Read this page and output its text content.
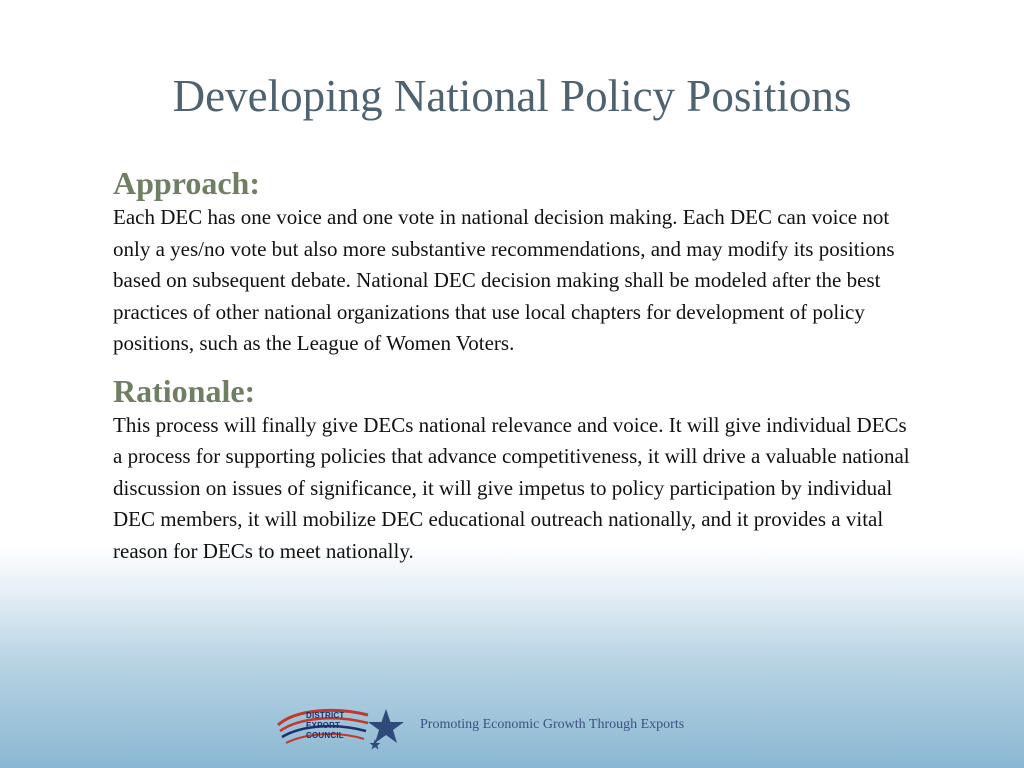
Developing National Policy Positions
Approach:

Each DEC has one voice and one vote in national decision making. Each DEC can voice not only a yes/no vote but also more substantive recommendations, and may modify its positions based on subsequent debate. National DEC decision making shall be modeled after the best practices of other national organizations that use local chapters for development of policy positions, such as the League of Women Voters.

Rationale:

This process will finally give DECs national relevance and voice. It will give individual DECs a process for supporting policies that advance competitiveness, it will drive a valuable national discussion on issues of significance, it will give impetus to policy participation by individual DEC members, it will mobilize DEC educational outreach nationally, and it provides a vital reason for DECs to meet nationally.

DISTRICT
EXPORT
COUNCIL
Promoting Economic Growth Through Exports
